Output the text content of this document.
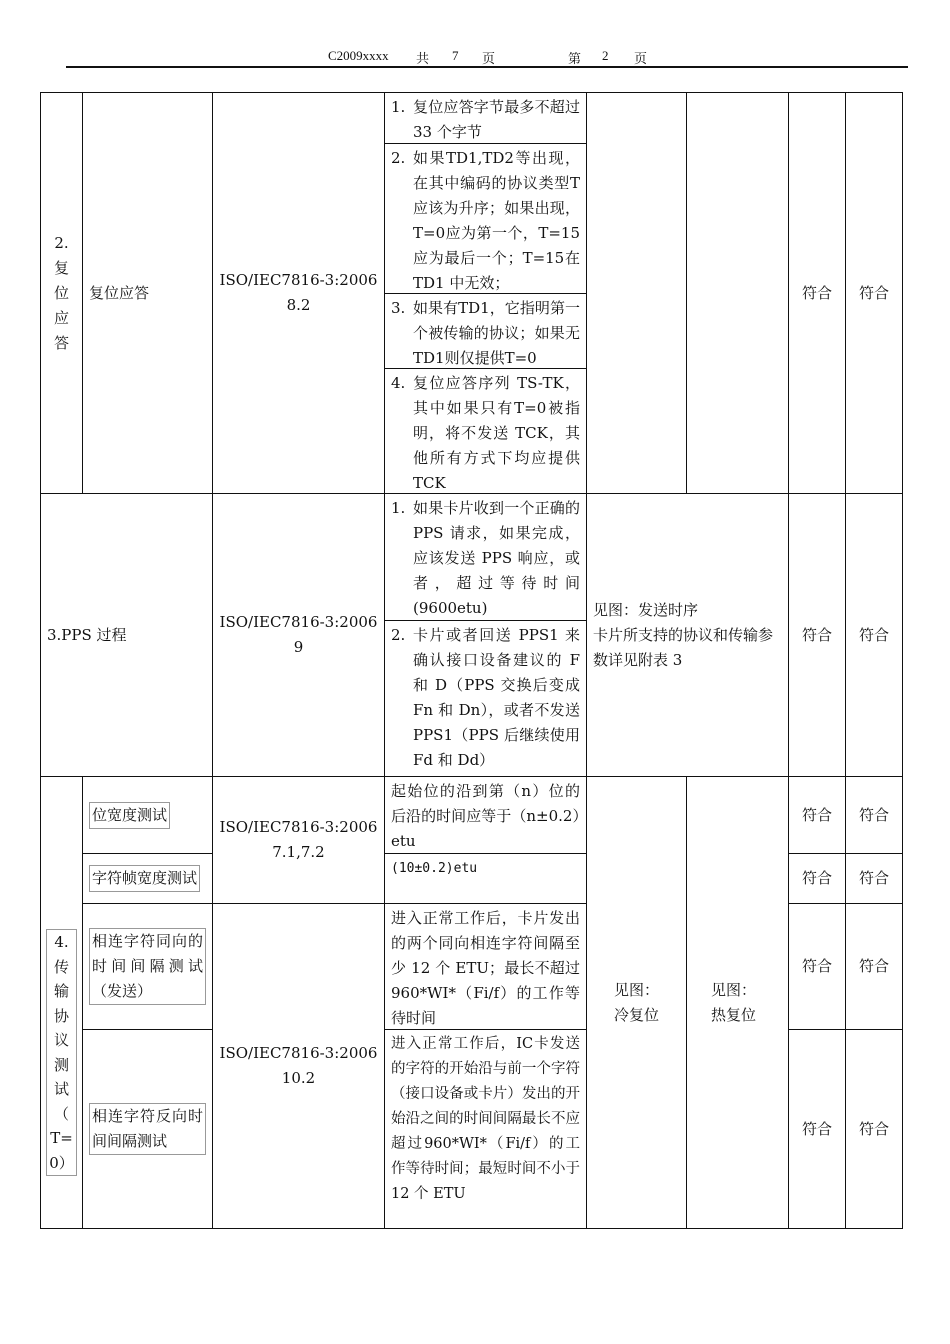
C2009xxxx 共 7 页	第 2 页
2.
复
位
应
答
复位应答
ISO/IEC7816-3:2006
8.2
1. 复位应答字节最多不超过 33 个字节
2. 如果TD1,TD2等出现，在其中编码的协议类型T应该为升序；如果出现，T=0应为第一个，T=15 应为最后一个；T=15在TD1 中无效；
3. 如果有TD1，它指明第一个被传输的协议；如果无TD1则仅提供T=0
4. 复位应答序列 TS-TK，其中如果只有T=0被指明，将不发送 TCK，其他所有方式下均应提供 TCK
符合 符合
3.PPS 过程
ISO/IEC7816-3:2006
9
1. 如果卡片收到一个正确的 PPS 请求，如果完成，应该发送 PPS 响应，或者，超过等待时间(9600etu)
2. 卡片或者回送 PPS1 来确认接口设备建议的 F 和 D（PPS 交换后变成 Fn 和 Dn），或者不发送 PPS1（PPS 后继续使用 Fd 和 Dd）
见图：发送时序
卡片所支持的协议和传输参数详见附表 3
符合 符合
4.
传
输
协
议
测
试
（
T=
0）
位宽度测试
字符帧宽度测试
相连字符同向的时间间隔测试（发送）
相连字符反向时间间隔测试
ISO/IEC7816-3:2006
7.1,7.2
ISO/IEC7816-3:2006
10.2
起始位的沿到第（n）位的后沿的时间应等于（n±0.2）etu
(10±0.2)etu
进入正常工作后，卡片发出的两个同向相连字符间隔至少 12 个 ETU；最长不超过 960*WI*（Fi/f）的工作等待时间
进入正常工作后，IC卡发送的字符的开始沿与前一个字符（接口设备或卡片）发出的开始沿之间的时间间隔最长不应超过960*WI*（Fi/f）的工作等待时间；最短时间不小于 12 个 ETU
见图：
冷复位
见图：
热复位
符合 符合
符合 符合
符合 符合
符合 符合
